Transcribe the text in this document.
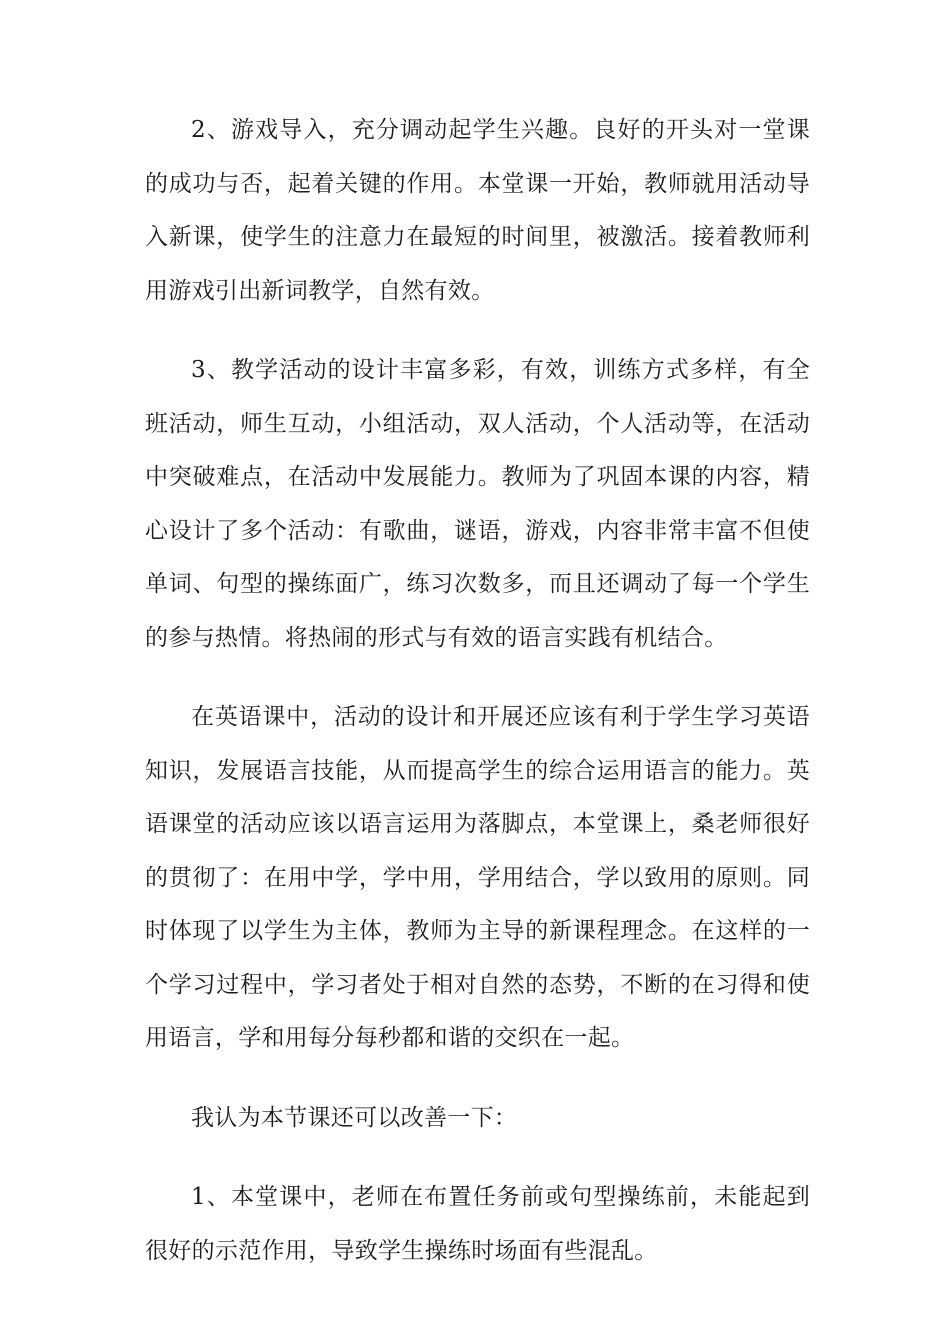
2、游戏导入，充分调动起学生兴趣。良好的开头对一堂课的成功与否，起着关键的作用。本堂课一开始，教师就用活动导入新课，使学生的注意力在最短的时间里，被激活。接着教师利用游戏引出新词教学，自然有效。

3、教学活动的设计丰富多彩，有效，训练方式多样，有全班活动，师生互动，小组活动，双人活动，个人活动等，在活动中突破难点，在活动中发展能力。教师为了巩固本课的内容，精心设计了多个活动：有歌曲，谜语，游戏，内容非常丰富不但使单词、句型的操练面广，练习次数多，而且还调动了每一个学生的参与热情。将热闹的形式与有效的语言实践有机结合。

在英语课中，活动的设计和开展还应该有利于学生学习英语知识，发展语言技能，从而提高学生的综合运用语言的能力。英语课堂的活动应该以语言运用为落脚点，本堂课上，桑老师很好的贯彻了：在用中学，学中用，学用结合，学以致用的原则。同时体现了以学生为主体，教师为主导的新课程理念。在这样的一个学习过程中，学习者处于相对自然的态势，不断的在习得和使用语言，学和用每分每秒都和谐的交织在一起。

我认为本节课还可以改善一下：

1、本堂课中，老师在布置任务前或句型操练前，未能起到很好的示范作用，导致学生操练时场面有些混乱。
